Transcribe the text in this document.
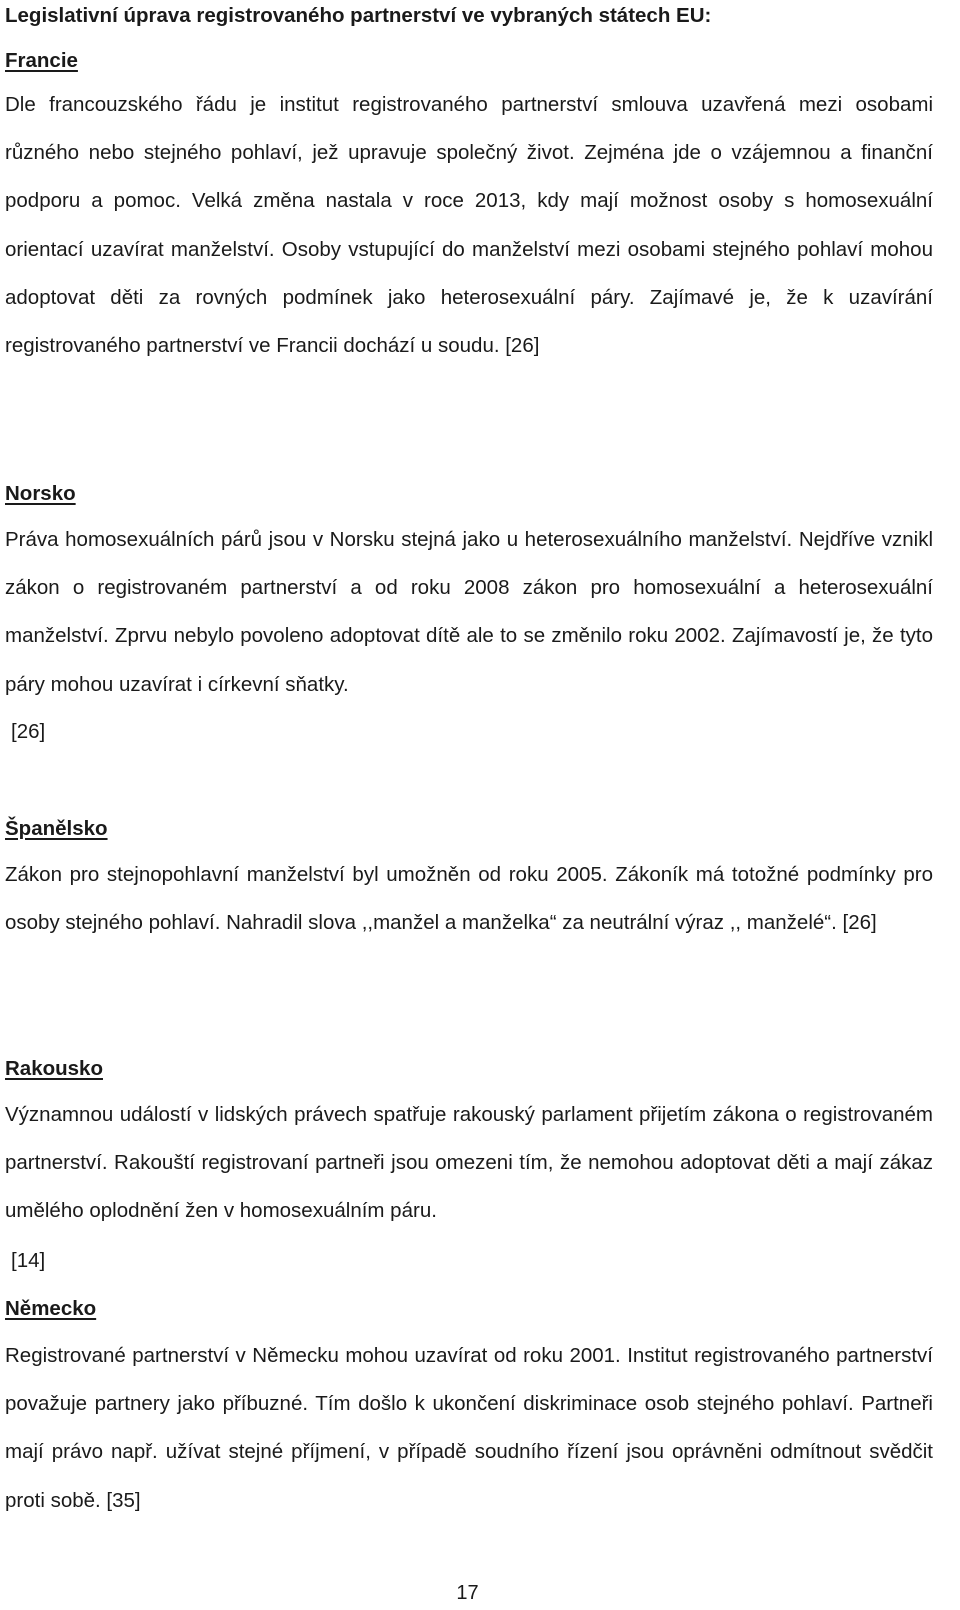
Legislativní úprava registrovaného partnerství ve vybraných státech EU:
Francie

Dle francouzského řádu je institut registrovaného partnerství smlouva uzavřená mezi osobami různého nebo stejného pohlaví, jež upravuje společný život. Zejména jde o vzájemnou a finanční podporu a pomoc. Velká změna nastala v roce 2013, kdy mají možnost osoby s homosexuální orientací uzavírat manželství. Osoby vstupující do manželství mezi osobami stejného pohlaví mohou adoptovat děti za rovných podmínek jako heterosexuální páry. Zajímavé je, že k uzavírání registrovaného partnerství ve Francii dochází u soudu. [26]

Norsko

Práva homosexuálních párů jsou v Norsku stejná jako u heterosexuálního manželství. Nejdříve vznikl zákon o registrovaném partnerství a od roku 2008 zákon pro homosexuální a heterosexuální manželství. Zprvu nebylo povoleno adoptovat dítě ale to se změnilo roku 2002. Zajímavostí je, že tyto páry mohou uzavírat i církevní sňatky.

[26]
Španělsko

Zákon pro stejnopohlavní manželství byl umožněn od roku 2005. Zákoník má totožné podmínky pro osoby stejného pohlaví. Nahradil slova ,,manžel a manželka“ za neutrální výraz ,, manželé“. [26]

Rakousko

Významnou událostí v lidských právech spatřuje rakouský parlament přijetím zákona o registrovaném partnerství. Rakouští registrovaní partneři jsou omezeni tím, že nemohou adoptovat děti a mají zákaz umělého oplodnění žen v homosexuálním páru.

[14]
Německo

Registrované partnerství v Německu mohou uzavírat od roku 2001. Institut registrovaného partnerství považuje partnery jako příbuzné. Tím došlo k ukončení diskriminace osob stejného pohlaví. Partneři mají právo např. užívat stejné příjmení, v případě soudního řízení jsou oprávněni odmítnout svědčit proti sobě. [35]

17
